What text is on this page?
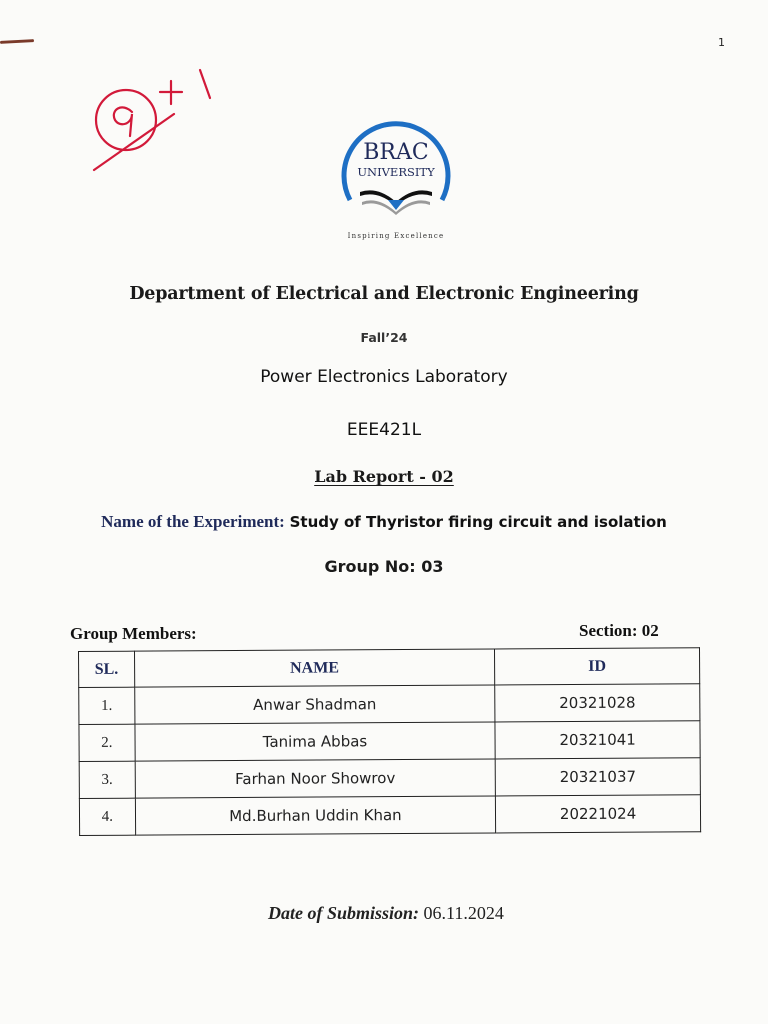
1
BRAC
UNIVERSITY
Inspiring Excellence
Department of Electrical and Electronic Engineering
Fall’24
Power Electronics Laboratory
EEE421L
Lab Report - 02
Name of the Experiment: Study of Thyristor firing circuit and isolation
Group No: 03
Group Members:	Section: 02
SL.	NAME	ID
1.	Anwar Shadman	20321028
2.	Tanima Abbas	20321041
3.	Farhan Noor Showrov	20321037
4.	Md.Burhan Uddin Khan	20221024
Date of Submission: 06.11.2024
